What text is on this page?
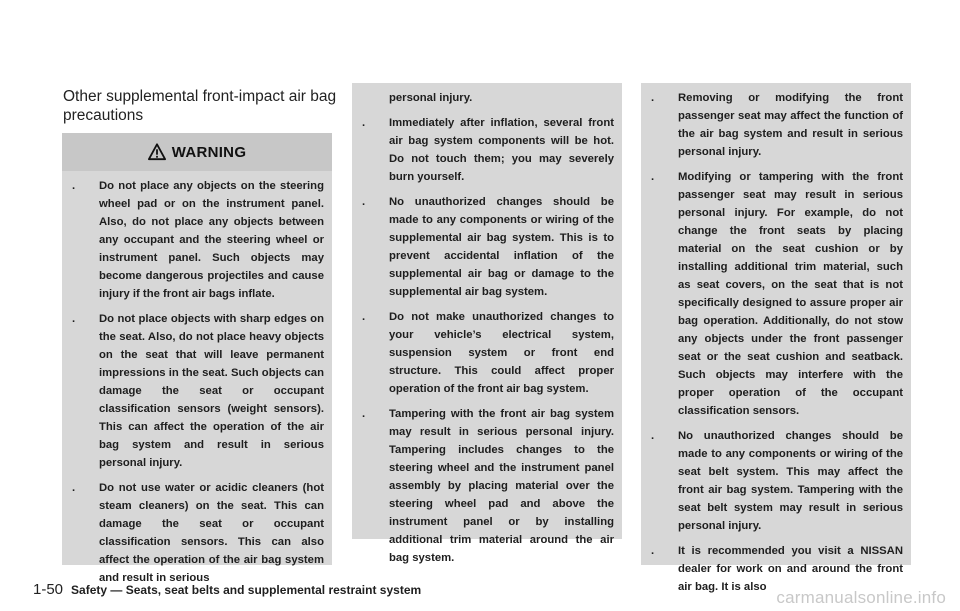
Other supplemental front-impact air bag precautions
WARNING
. Do not place any objects on the steering wheel pad or on the instrument panel. Also, do not place any objects between any occupant and the steering wheel or instrument panel. Such objects may become dangerous projectiles and cause injury if the front air bags inflate.
. Do not place objects with sharp edges on the seat. Also, do not place heavy objects on the seat that will leave permanent impressions in the seat. Such objects can damage the seat or occupant classification sensors (weight sensors). This can affect the operation of the air bag system and result in serious personal injury.
. Do not use water or acidic cleaners (hot steam cleaners) on the seat. This can damage the seat or occupant classification sensors. This can also affect the operation of the air bag system and result in serious
personal injury.
. Immediately after inflation, several front air bag system components will be hot. Do not touch them; you may severely burn yourself.
. No unauthorized changes should be made to any components or wiring of the supplemental air bag system. This is to prevent accidental inflation of the supplemental air bag or damage to the supplemental air bag system.
. Do not make unauthorized changes to your vehicle’s electrical system, suspension system or front end structure. This could affect proper operation of the front air bag system.
. Tampering with the front air bag system may result in serious personal injury. Tampering includes changes to the steering wheel and the instrument panel assembly by placing material over the steering wheel pad and above the instrument panel or by installing additional trim material around the air bag system.
. Removing or modifying the front passenger seat may affect the function of the air bag system and result in serious personal injury.
. Modifying or tampering with the front passenger seat may result in serious personal injury. For example, do not change the front seats by placing material on the seat cushion or by installing additional trim material, such as seat covers, on the seat that is not specifically designed to assure proper air bag operation. Additionally, do not stow any objects under the front passenger seat or the seat cushion and seatback. Such objects may interfere with the proper operation of the occupant classification sensors.
. No unauthorized changes should be made to any components or wiring of the seat belt system. This may affect the front air bag system. Tampering with the seat belt system may result in serious personal injury.
. It is recommended you visit a NISSAN dealer for work on and around the front air bag. It is also
1-50 Safety — Seats, seat belts and supplemental restraint system	carmanualsonline.info
